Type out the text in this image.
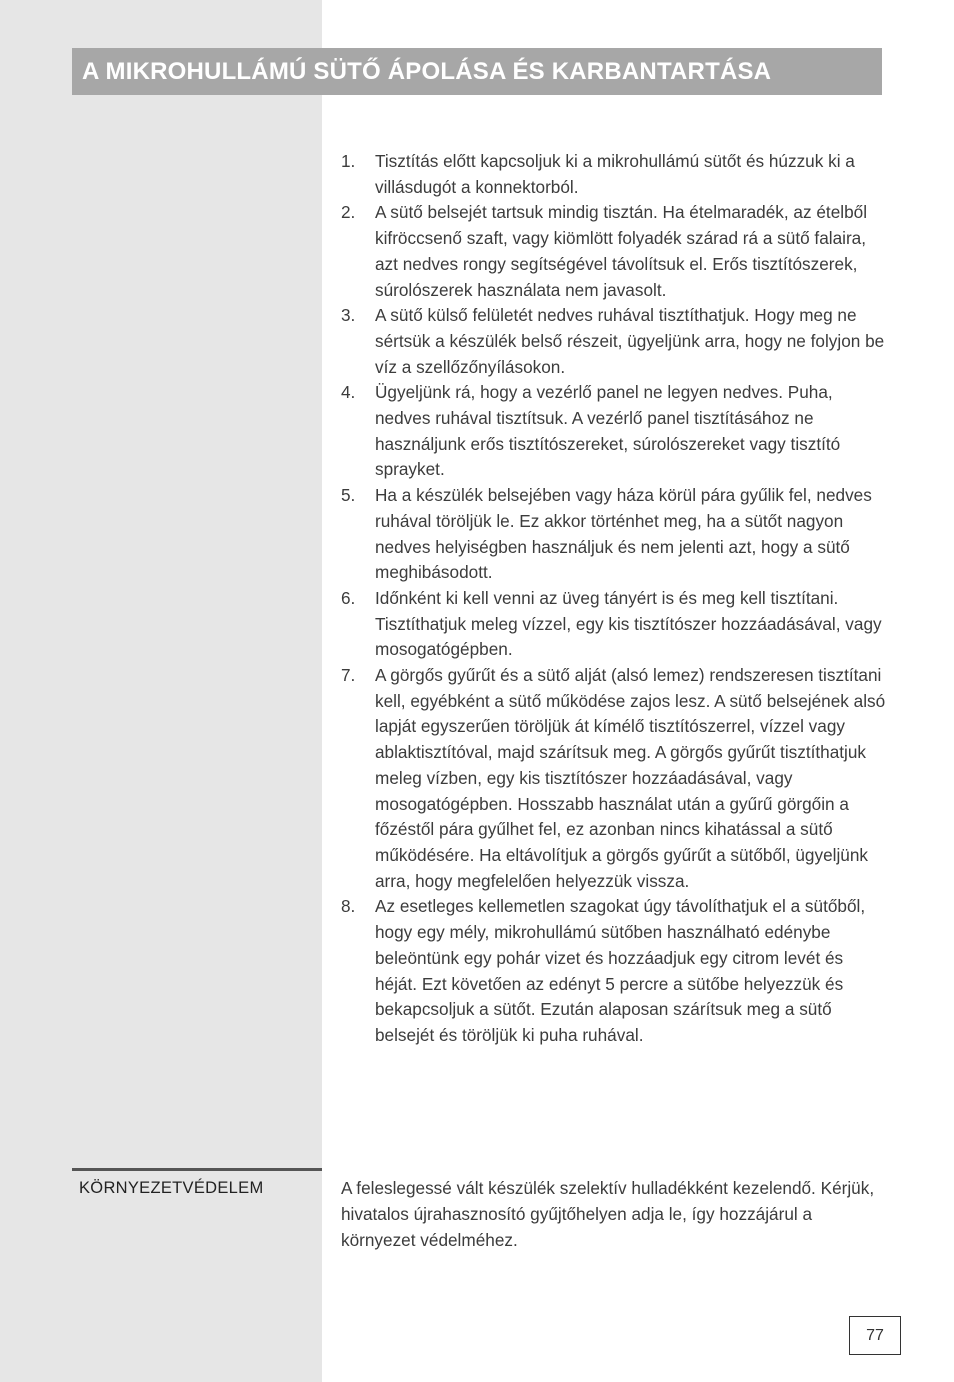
A MIKROHULLÁMÚ SÜTŐ ÁPOLÁSA ÉS KARBANTARTÁSA
1.	Tisztítás előtt kapcsoljuk ki a mikrohullámú sütőt és húzzuk ki a villásdugót a konnektorból.
2.	A sütő belsejét tartsuk mindig tisztán. Ha ételmaradék, az ételből kifröccsenő szaft, vagy kiömlött folyadék szárad rá a sütő falaira, azt nedves rongy segítségével távolítsuk el. Erős tisztítószerek, súrolószerek használata nem javasolt.
3.	A sütő külső felületét nedves ruhával tisztíthatjuk. Hogy meg ne sértsük a készülék belső részeit, ügyeljünk arra, hogy ne folyjon be víz a szellőzőnyílásokon.
4.	Ügyeljünk rá, hogy a vezérlő panel ne legyen nedves. Puha, nedves ruhával tisztítsuk. A vezérlő panel tisztításához ne használjunk erős tisztítószereket, súrolószereket vagy tisztító sprayket.
5.	Ha a készülék belsejében vagy háza körül pára gyűlik fel, nedves ruhával töröljük le. Ez akkor történhet meg, ha a sütőt nagyon nedves helyiségben használjuk és nem jelenti azt, hogy a sütő meghibásodott.
6.	Időnként ki kell venni az üveg tányért is és meg kell tisztítani. Tisztíthatjuk meleg vízzel, egy kis tisztítószer hozzáadásával, vagy mosogatógépben.
7.	A görgős gyűrűt és a sütő alját (alsó lemez) rendszeresen tisztítani kell, egyébként a sütő működése zajos lesz. A sütő belsejének alsó lapját egyszerűen töröljük át kímélő tisztítószerrel, vízzel vagy ablaktisztítóval, majd szárítsuk meg. A görgős gyűrűt tisztíthatjuk meleg vízben, egy kis tisztítószer hozzáadásával, vagy mosogatógépben. Hosszabb használat után a gyűrű görgőin a főzéstől pára gyűlhet fel, ez azonban nincs kihatással a sütő működésére. Ha eltávolítjuk a görgős gyűrűt a sütőből, ügyeljünk arra, hogy megfelelően helyezzük vissza.
8.	Az esetleges kellemetlen szagokat úgy távolíthatjuk el a sütőből, hogy egy mély, mikrohullámú sütőben használható edénybe beleöntünk egy pohár vizet és hozzáadjuk egy citrom levét és héját. Ezt követően az edényt 5 percre a sütőbe helyezzük és bekapcsoljuk a sütőt. Ezután alaposan szárítsuk meg a sütő belsejét és töröljük ki puha ruhával.
KÖRNYEZETVÉDELEM	A feleslegessé vált készülék szelektív hulladékként kezelendő. Kérjük, hivatalos újrahasznosító gyűjtőhelyen adja le, így hozzájárul a környezet védelméhez.

77
